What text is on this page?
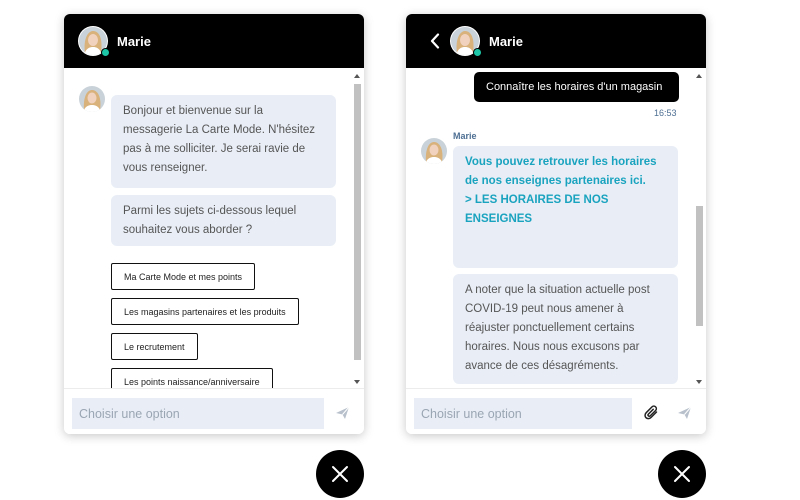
Marie
Bonjour et bienvenue sur la messagerie La Carte Mode. N'hésitez pas à me solliciter. Je serai ravie de vous renseigner.
Parmi les sujets ci-dessous lequel souhaitez vous aborder ?
Ma Carte Mode et mes points
Les magasins partenaires et les produits
Le recrutement
Les points naissance/anniversaire
Choisir une option
Marie
Connaître les horaires d'un magasin
16:53
Marie
Vous pouvez retrouver les horaires de nos enseignes partenaires ici.
> LES HORAIRES DE NOS ENSEIGNES
A noter que la situation actuelle post COVID-19 peut nous amener à réajuster ponctuellement certains horaires. Nous nous excusons par avance de ces désagréments.
Choisir une option
